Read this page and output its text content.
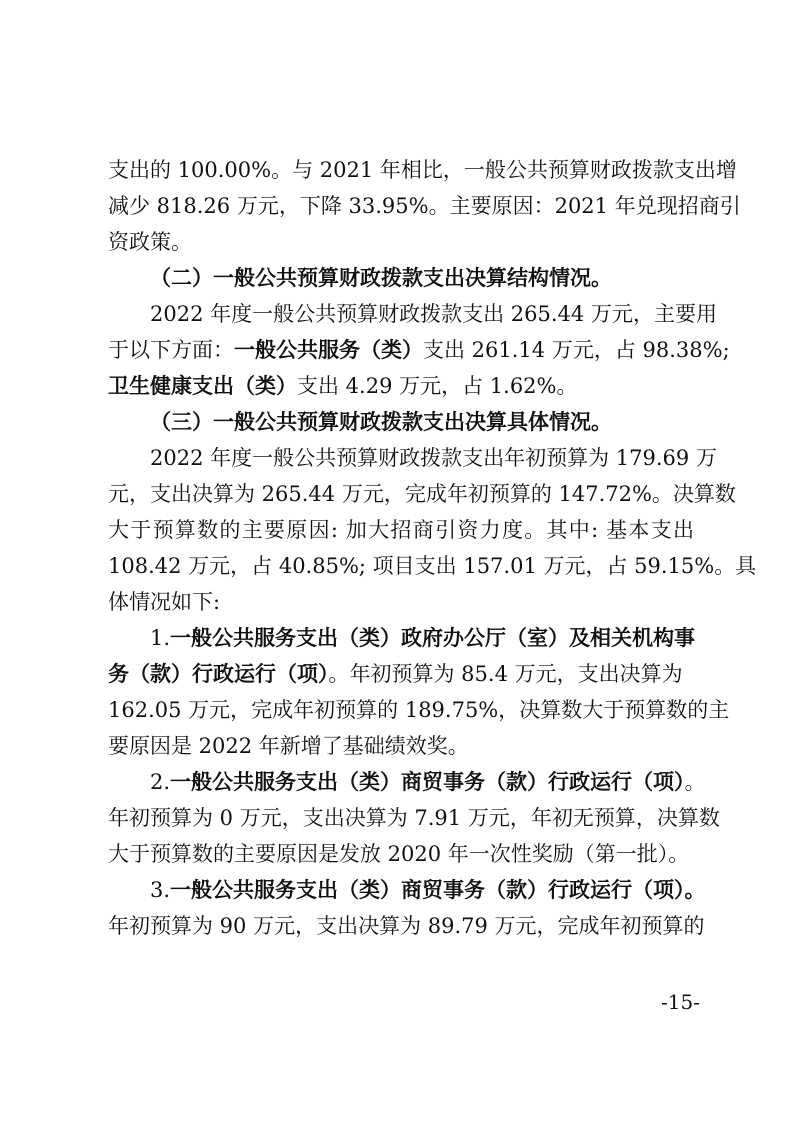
支出的 100.00%。与 2021 年相比，一般公共预算财政拨款支出增
减少 818.26 万元，下降 33.95%。主要原因：2021 年兑现招商引
资政策。
（二）一般公共预算财政拨款支出决算结构情况。
2022 年度一般公共预算财政拨款支出 265.44 万元，主要用
于以下方面：一般公共服务（类）支出 261.14 万元，占 98.38%;
卫生健康支出（类）支出 4.29 万元，占 1.62%。
（三）一般公共预算财政拨款支出决算具体情况。
2022 年度一般公共预算财政拨款支出年初预算为 179.69 万
元，支出决算为 265.44 万元，完成年初预算的 147.72%。决算数
大于预算数的主要原因: 加大招商引资力度。其中: 基本支出
108.42 万元，占 40.85%; 项目支出 157.01 万元，占 59.15%。具
体情况如下:
1.一般公共服务支出（类）政府办公厅（室）及相关机构事
务（款）行政运行（项）。年初预算为 85.4 万元，支出决算为
162.05 万元，完成年初预算的 189.75%，决算数大于预算数的主
要原因是 2022 年新增了基础绩效奖。
2.一般公共服务支出（类）商贸事务（款）行政运行（项）。
年初预算为 0 万元，支出决算为 7.91 万元，年初无预算，决算数
大于预算数的主要原因是发放 2020 年一次性奖励（第一批）。
3.一般公共服务支出（类）商贸事务（款）行政运行（项）。
年初预算为 90 万元，支出决算为 89.79 万元，完成年初预算的
-15-
